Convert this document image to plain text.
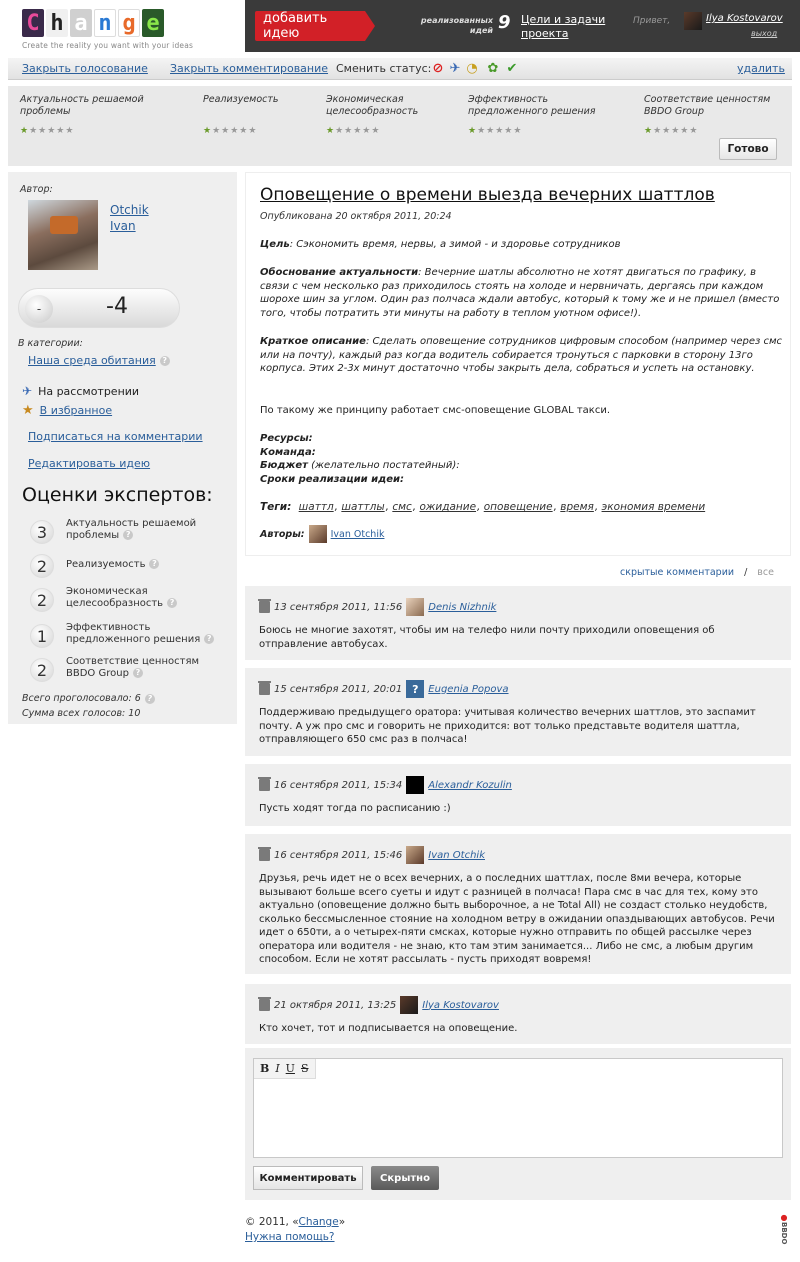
C h a n g e
Create the reality you want with your ideas
добавить идею
реализованных идей 9 Цели и задачи проекта
Привет,	Ilya Kostovarov
выход
Закрыть голосование Закрыть комментирование Сменить статус: ⊘ ✈ ◔ ✿ ✔	удалить
Актуальность решаемой проблемы
★★★★★★
Реализуемость
★★★★★★
Экономическая целесообразность
★★★★★★
Эффективность предложенного решения
★★★★★★
Соответствие ценностям BBDO Group
★★★★★★
Готово
Автор:
Otchik
Ivan
-	-4
В категории:
Наша среда обитания ?
✈ На рассмотрении
★ В избранное
Подписаться на комментарии
Редактировать идею
Оценки экспертов:
3	Актуальность решаемой проблемы ?
2	Реализуемость ?
2	Экономическая целесообразность ?
1	Эффективность предложенного решения ?
2	Соответствие ценностям BBDO Group ?
Всего проголосовало: 6 ?
Сумма всех голосов: 10
Оповещение о времени выезда вечерних шаттлов
Опубликована 20 октября 2011, 20:24
Цель: Сэкономить время, нервы, а зимой - и здоровье сотрудников
Обоснование актуальности: Вечерние шатлы абсолютно не хотят двигаться по графику, в связи с чем несколько раз приходилось стоять на холоде и нервничать, дергаясь при каждом шорохе шин за углом. Один раз полчаса ждали автобус, который к тому же и не пришел (вместо того, чтобы потратить эти минуты на работу в теплом уютном офисе!).
Краткое описание: Сделать оповещение сотрудников цифровым способом (например через смс или на почту), каждый раз когда водитель собирается тронуться с парковки в сторону 13го корпуса. Этих 2-3х минут достаточно чтобы закрыть дела, собраться и успеть на остановку.
По такому же принципу работает смс-оповещение GLOBAL такси.
Ресурсы:
Команда:
Бюджет (желательно постатейный):
Сроки реализации идеи:
Теги: шаттл, шаттлы, смс, ожидание, оповещение, время, экономия времени
Авторы:	Ivan Otchik
скрытые комментарии / все
13 сентября 2011, 11:56	Denis Nizhnik
Боюсь не многие захотят, чтобы им на телефо нили почту приходили оповещения об отправление автобусах.
15 сентября 2011, 20:01 ? Eugenia Popova
Поддерживаю предыдущего оратора: учитывая количество вечерних шаттлов, это заспамит почту. А уж про смс и говорить не приходится: вот только представьте водителя шаттла, отправляющего 650 смс раз в полчаса!
16 сентября 2011, 15:34	Alexandr Kozulin
Пусть ходят тогда по расписанию :)
16 сентября 2011, 15:46	Ivan Otchik
Друзья, речь идет не о всех вечерних, а о последних шаттлах, после 8ми вечера, которые вызывают больше всего суеты и идут с разницей в полчаса! Пара смс в час для тех, кому это актуально (оповещение должно быть выборочное, а не Total All) не создаст столько неудобств, сколько бессмысленное стояние на холодном ветру в ожидании опаздывающих автобусов. Речи идет о 650ти, а о четырех-пяти смсках, которые нужно отправить по общей рассылке через оператора или водителя - не знаю, кто там этим занимается... Либо не смс, а любым другим способом. Если не хотят рассылать - пусть приходят вовремя!
21 октября 2011, 13:25	Ilya Kostovarov
Кто хочет, тот и подписывается на оповещение.
B I U S
Комментировать	Скрытно
© 2011, «Change»
Нужна помощь?
●
BBDO
